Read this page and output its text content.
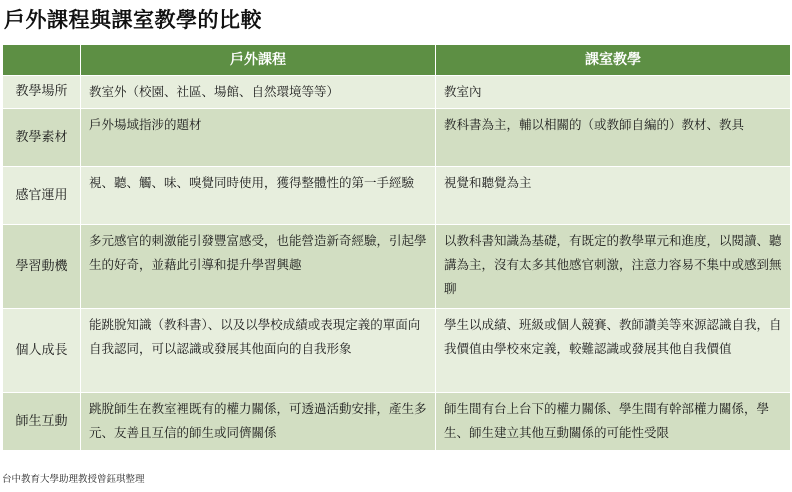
戶外課程與課室教學的比較
	戶外課程	課室教學
教學場所	教室外（校園、社區、場館、自然環境等等）	教室內
教學素材	戶外場域指涉的題材	教科書為主，輔以相關的（或教師自編的）教材、教具
感官運用	視、聽、觸、味、嗅覺同時使用，獲得整體性的第一手經驗	視覺和聽覺為主
學習動機	多元感官的刺激能引發豐富感受，也能營造新奇經驗，引起學生的好奇，並藉此引導和提升學習興趣	以教科書知識為基礎，有既定的教學單元和進度，以閱讀、聽講為主，沒有太多其他感官刺激，注意力容易不集中或感到無聊
個人成長	能跳脫知識（教科書）、以及以學校成績或表現定義的單面向自我認同，可以認識或發展其他面向的自我形象	學生以成績、班級或個人競賽、教師讚美等來源認識自我，自我價值由學校來定義，較難認識或發展其他自我價值
師生互動	跳脫師生在教室裡既有的權力關係，可透過活動安排，產生多元、友善且互信的師生或同儕關係	師生間有台上台下的權力關係、學生間有幹部權力關係，學生、師生建立其他互動關係的可能性受限
台中教育大學助理教授曾鈺琪整理
